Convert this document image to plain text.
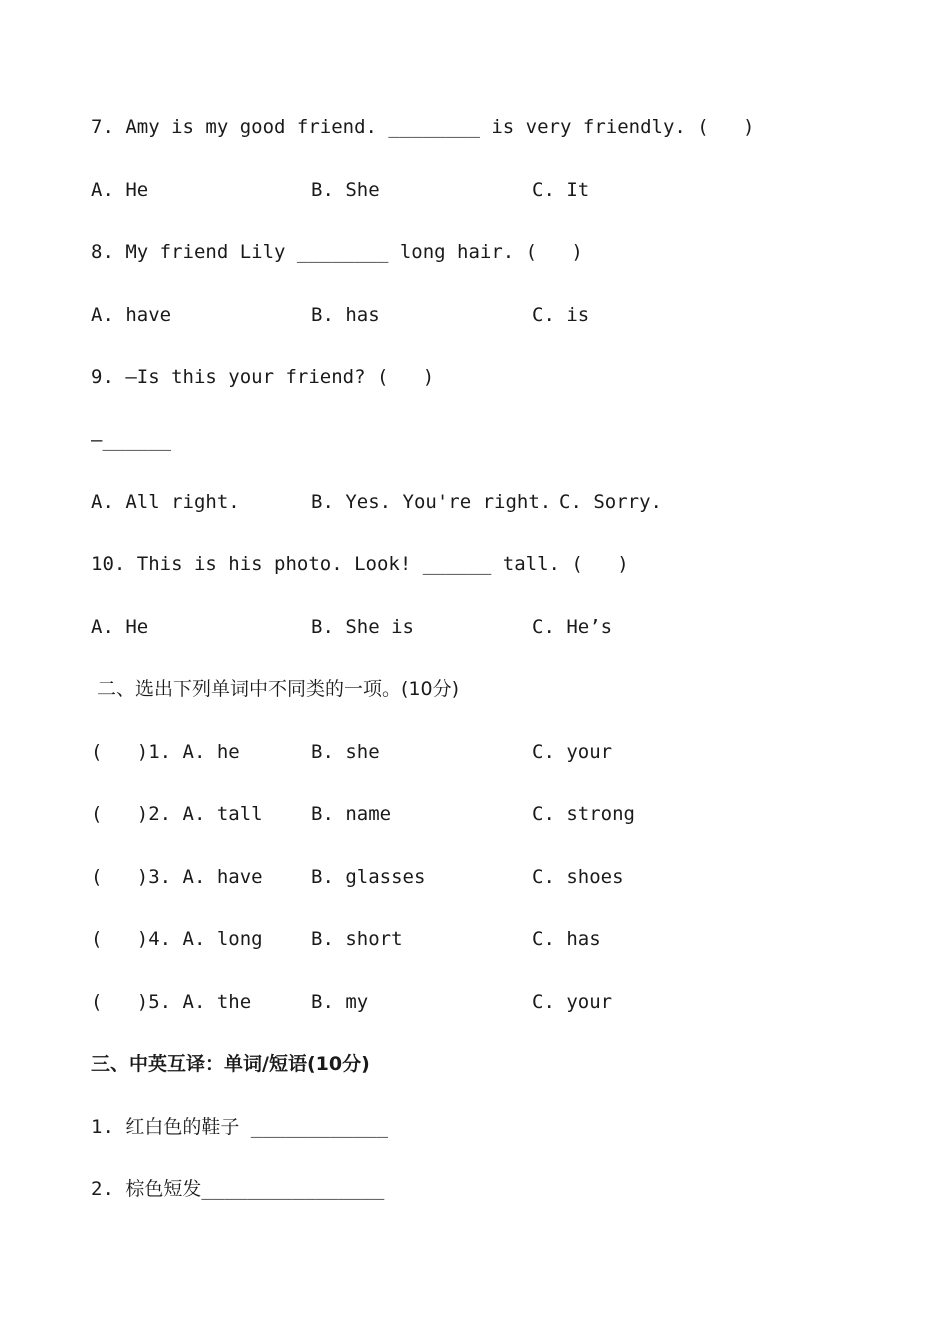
7. Amy is my good friend. ________ is very friendly. (   )
A. He	B. She	C. It
8. My friend Lily ________ long hair. (   )
A. have	B. has	C. is
9. —Is this your friend? (   )
—______
A. All right.	B. Yes. You're right. C. Sorry.
10. This is his photo. Look! ______ tall. (   )
A. He	B. She is	C. He’s
二、选出下列单词中不同类的一项。(10分)
(   )1. A. he	B. she	C. your
(   )2. A. tall	B. name	C. strong
(   )3. A. have	B. glasses	C. shoes
(   )4. A. long	B. short	C. has
(   )5. A. the	B. my	C. your
三、中英互译：单词/短语(10分)
1. 红白色的鞋子 ____________
2. 棕色短发________________
